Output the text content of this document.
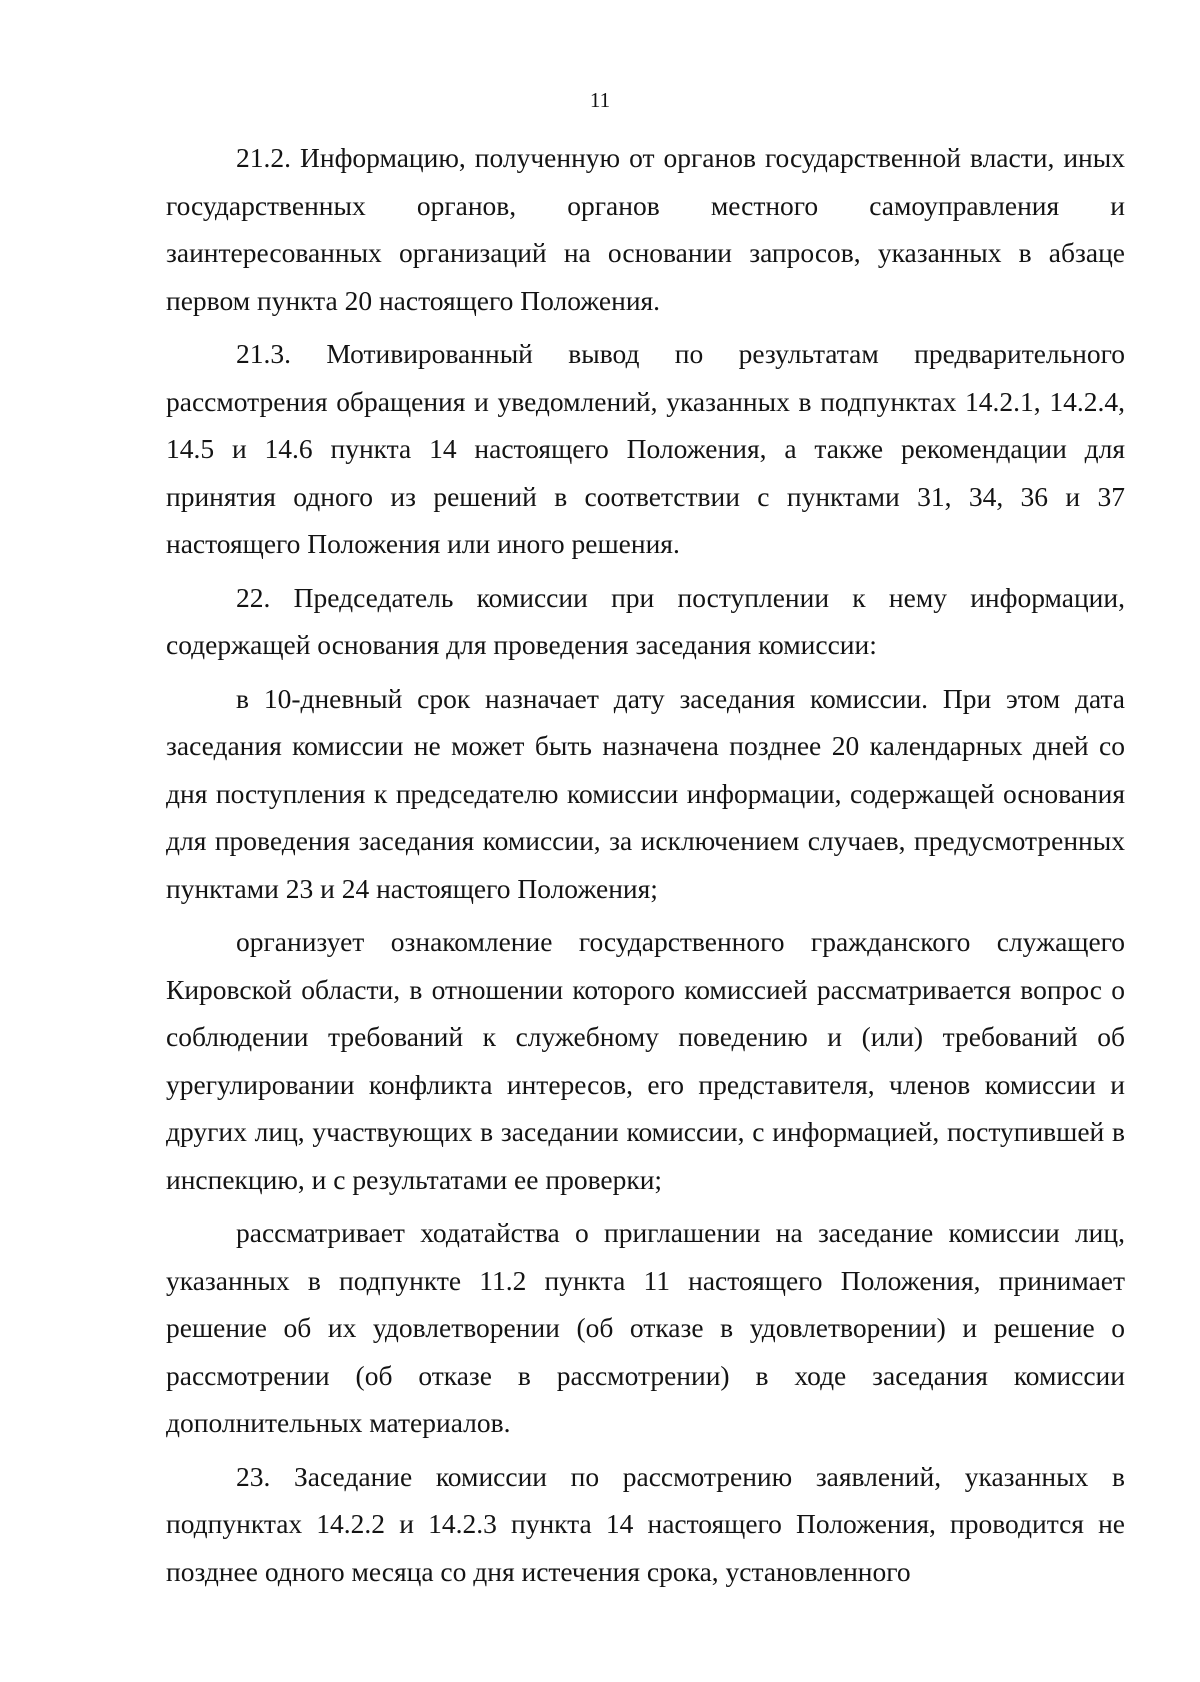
11

21.2. Информацию, полученную от органов государственной власти, иных государственных органов, органов местного самоуправления и заинтересованных организаций на основании запросов, указанных в абзаце первом пункта 20 настоящего Положения.

21.3. Мотивированный вывод по результатам предварительного рассмотрения обращения и уведомлений, указанных в подпунктах 14.2.1, 14.2.4, 14.5 и 14.6 пункта 14 настоящего Положения, а также рекомендации для принятия одного из решений в соответствии с пунктами 31, 34, 36 и 37 настоящего Положения или иного решения.

22. Председатель комиссии при поступлении к нему информации, содержащей основания для проведения заседания комиссии:

в 10-дневный срок назначает дату заседания комиссии. При этом дата заседания комиссии не может быть назначена позднее 20 календарных дней со дня поступления к председателю комиссии информации, содержащей основания для проведения заседания комиссии, за исключением случаев, предусмотренных пунктами 23 и 24 настоящего Положения;

организует ознакомление государственного гражданского служащего Кировской области, в отношении которого комиссией рассматривается вопрос о соблюдении требований к служебному поведению и (или) требований об урегулировании конфликта интересов, его представителя, членов комиссии и других лиц, участвующих в заседании комиссии, с информацией, поступившей в инспекцию, и с результатами ее проверки;

рассматривает ходатайства о приглашении на заседание комиссии лиц, указанных в подпункте 11.2 пункта 11 настоящего Положения, принимает решение об их удовлетворении (об отказе в удовлетворении) и решение о рассмотрении (об отказе в рассмотрении) в ходе заседания комиссии дополнительных материалов.

23. Заседание комиссии по рассмотрению заявлений, указанных в подпунктах 14.2.2 и 14.2.3 пункта 14 настоящего Положения, проводится не позднее одного месяца со дня истечения срока, установленного
